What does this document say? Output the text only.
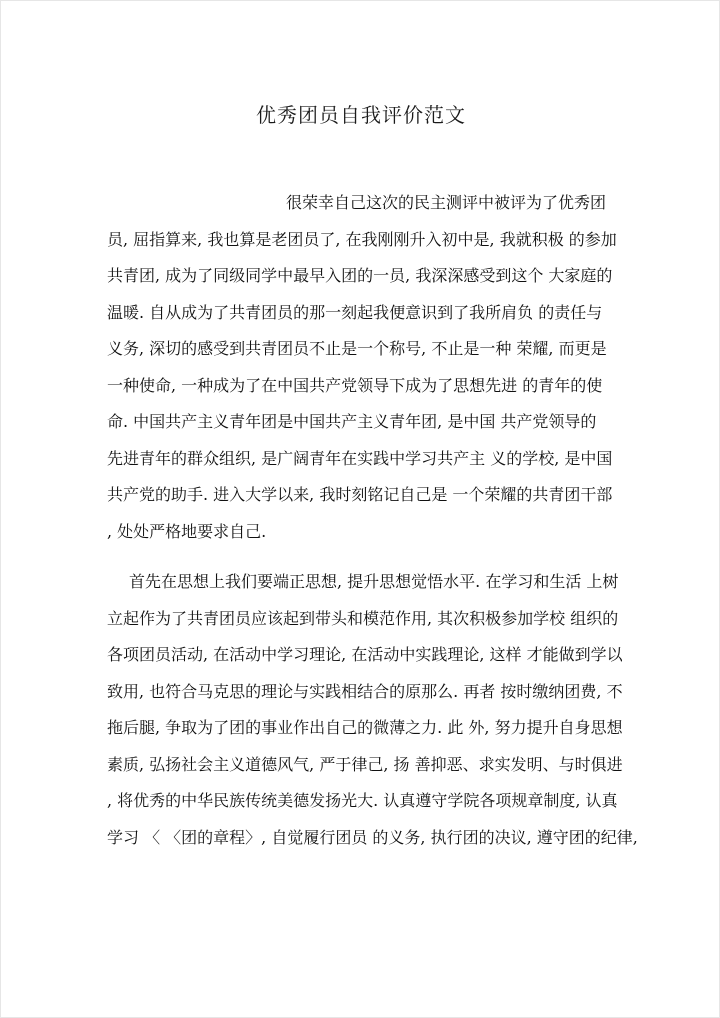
优秀团员自我评价范文
很荣幸自己这次的民主测评中被评为了优秀团
员, 屈指算来, 我也算是老团员了, 在我刚刚升入初中是, 我就积极 的参加
共青团, 成为了同级同学中最早入团的一员, 我深深感受到这个 大家庭的
温暖. 自从成为了共青团员的那一刻起我便意识到了我所肩负 的责任与
义务, 深切的感受到共青团员不止是一个称号, 不止是一种 荣耀, 而更是
一种使命, 一种成为了在中国共产党领导下成为了思想先进 的青年的使
命. 中国共产主义青年团是中国共产主义青年团, 是中国 共产党领导的
先进青年的群众组织, 是广阔青年在实践中学习共产主 义的学校, 是中国
共产党的助手. 进入大学以来, 我时刻铭记自己是 一个荣耀的共青团干部
, 处处严格地要求自己.
首先在思想上我们要端正思想, 提升思想觉悟水平. 在学习和生活 上树
立起作为了共青团员应该起到带头和模范作用, 其次积极参加学校 组织的
各项团员活动, 在活动中学习理论, 在活动中实践理论, 这样 才能做到学以
致用, 也符合马克思的理论与实践相结合的原那么. 再者 按时缴纳团费, 不
拖后腿, 争取为了团的事业作出自己的微薄之力. 此 外, 努力提升自身思想
素质, 弘扬社会主义道德风气, 严于律己, 扬 善抑恶、求实发明、与时俱进
, 将优秀的中华民族传统美德发扬光大. 认真遵守学院各项规章制度, 认真
学习 〈 〈团的章程〉, 自觉履行团员 的义务, 执行团的决议, 遵守团的纪律,
